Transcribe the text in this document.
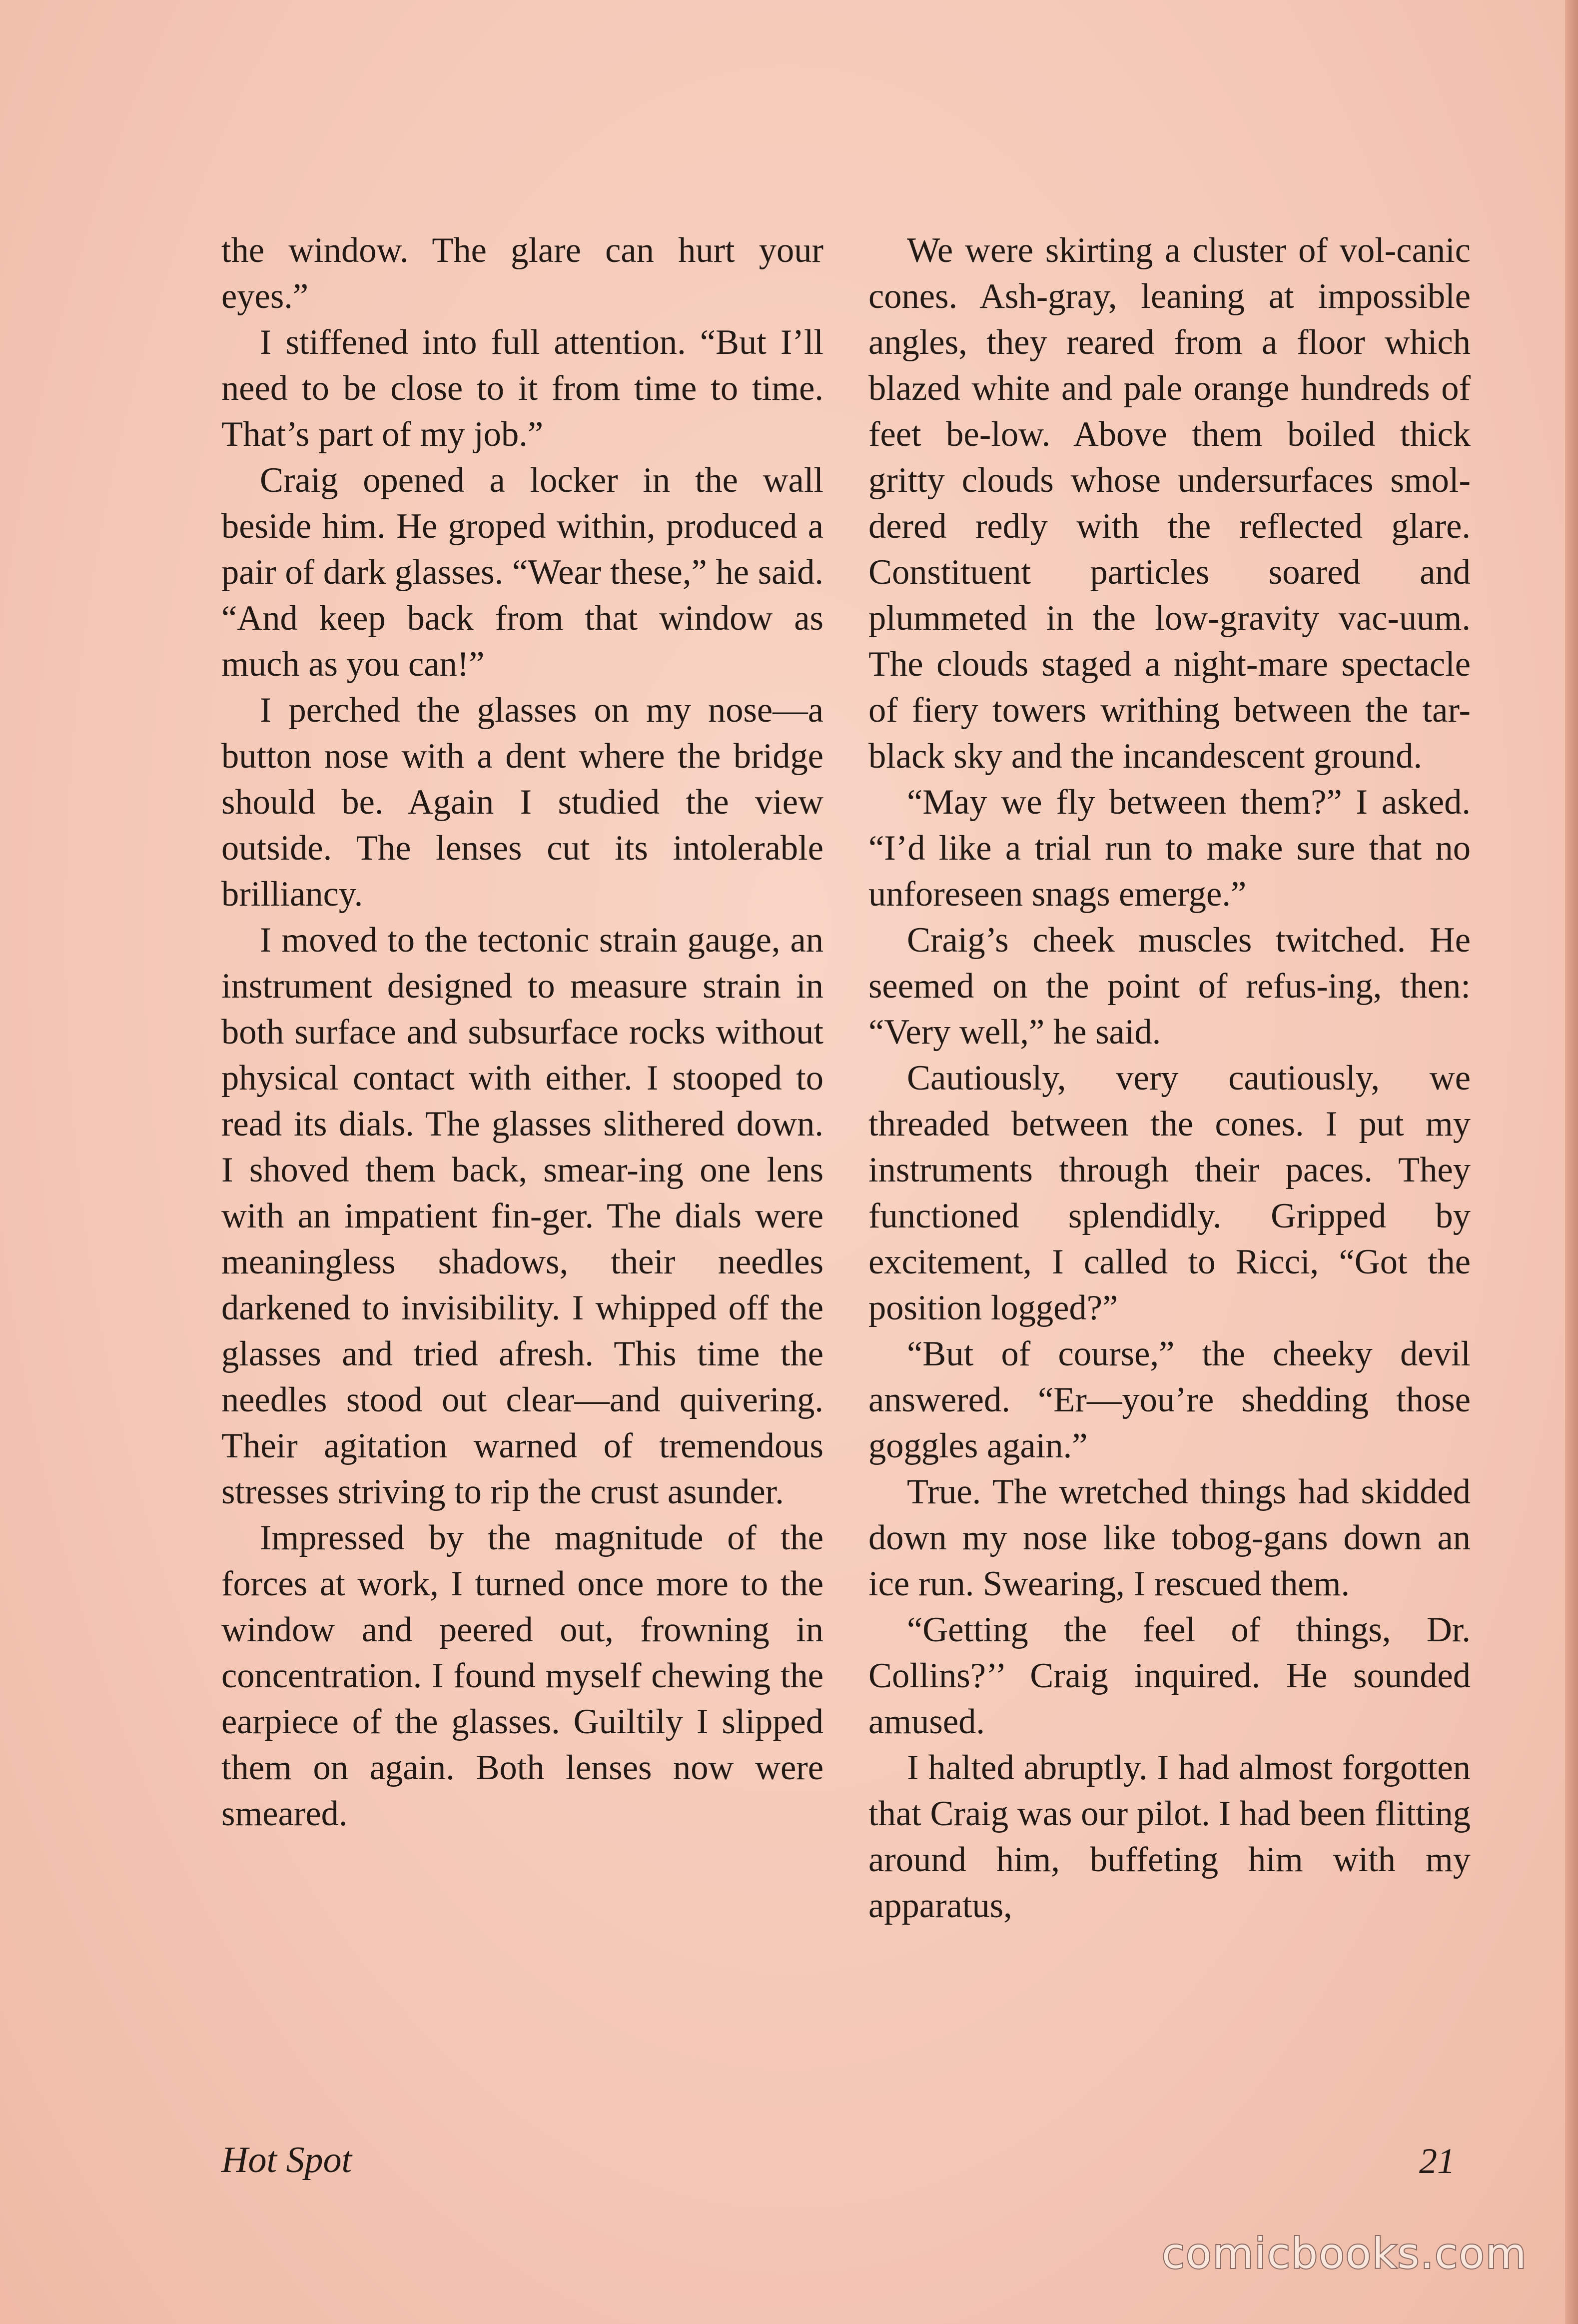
the window. The glare can hurt your eyes.”

I stiffened into full attention. “But I’ll need to be close to it from time to time. That’s part of my job.”

Craig opened a locker in the wall beside him. He groped within, produced a pair of dark glasses. “Wear these,” he said. “And keep back from that window as much as you can!”

I perched the glasses on my nose—a button nose with a dent where the bridge should be. Again I studied the view outside. The lenses cut its intolerable brilliancy.

I moved to the tectonic strain gauge, an instrument designed to measure strain in both surface and subsurface rocks without physical contact with either. I stooped to read its dials. The glasses slithered down. I shoved them back, smear-ing one lens with an impatient fin-ger. The dials were meaningless shadows, their needles darkened to invisibility. I whipped off the glasses and tried afresh. This time the needles stood out clear—and quivering. Their agitation warned of tremendous stresses striving to rip the crust asunder.

Impressed by the magnitude of the forces at work, I turned once more to the window and peered out, frowning in concentration. I found myself chewing the earpiece of the glasses. Guiltily I slipped them on again. Both lenses now were smeared.

We were skirting a cluster of vol-canic cones. Ash-gray, leaning at impossible angles, they reared from a floor which blazed white and pale orange hundreds of feet be-low. Above them boiled thick gritty clouds whose undersurfaces smol-dered redly with the reflected glare. Constituent particles soared and plummeted in the low-gravity vac-uum. The clouds staged a night-mare spectacle of fiery towers writhing between the tar-black sky and the incandescent ground.

“May we fly between them?” I asked. “I’d like a trial run to make sure that no unforeseen snags emerge.”

Craig’s cheek muscles twitched. He seemed on the point of refus-ing, then: “Very well,” he said.

Cautiously, very cautiously, we threaded between the cones. I put my instruments through their paces. They functioned splendidly. Gripped by excitement, I called to Ricci, “Got the position logged?”

“But of course,” the cheeky devil answered. “Er—you’re shedding those goggles again.”

True. The wretched things had skidded down my nose like tobog-gans down an ice run. Swearing, I rescued them.

“Getting the feel of things, Dr. Collins?’’ Craig inquired. He sounded amused.

I halted abruptly. I had almost forgotten that Craig was our pilot. I had been flitting around him, buffeting him with my apparatus,

Hot Spot	21
comicbooks.com
